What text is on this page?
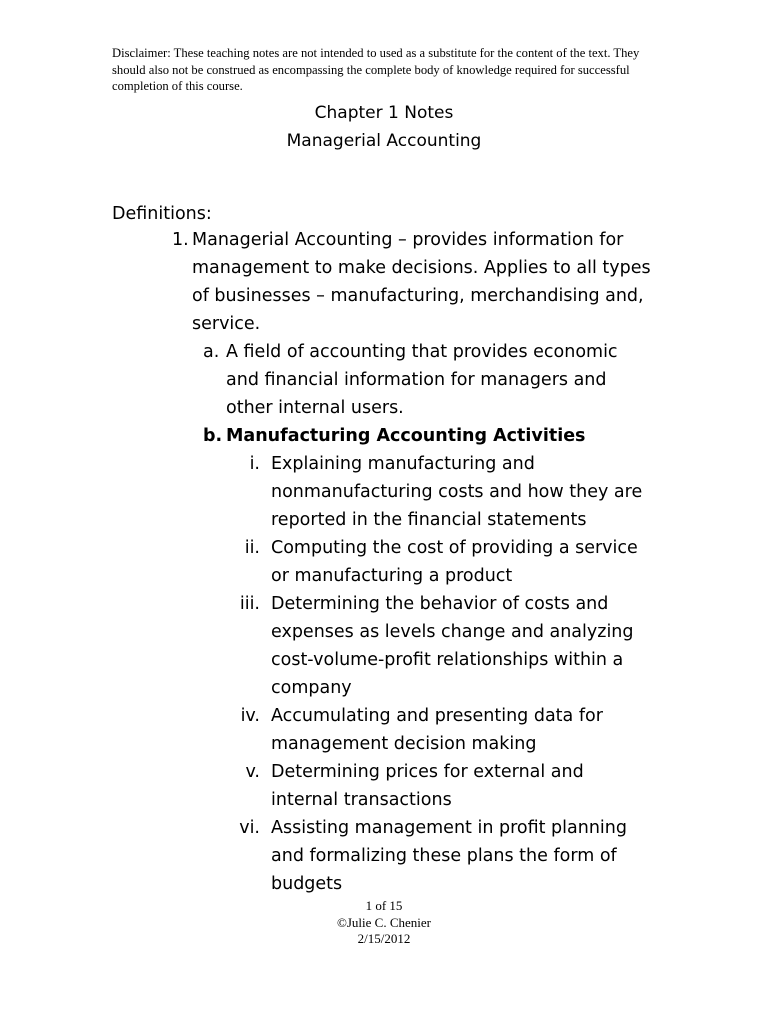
Disclaimer: These teaching notes are not intended to used as a substitute for the content of the text. They should also not be construed as encompassing the complete body of knowledge required for successful completion of this course.

Chapter 1 Notes
Managerial Accounting
Definitions:
1. Managerial Accounting – provides information for management to make decisions. Applies to all types of businesses – manufacturing, merchandising and, service.
a. A field of accounting that provides economic and financial information for managers and other internal users.
b. Manufacturing Accounting Activities
i. Explaining manufacturing and nonmanufacturing costs and how they are reported in the financial statements
ii. Computing the cost of providing a service or manufacturing a product
iii. Determining the behavior of costs and expenses as levels change and analyzing cost-volume-profit relationships within a company
iv. Accumulating and presenting data for management decision making
v. Determining prices for external and internal transactions
vi. Assisting management in profit planning and formalizing these plans the form of budgets
1 of 15
©Julie C. Chenier
2/15/2012
